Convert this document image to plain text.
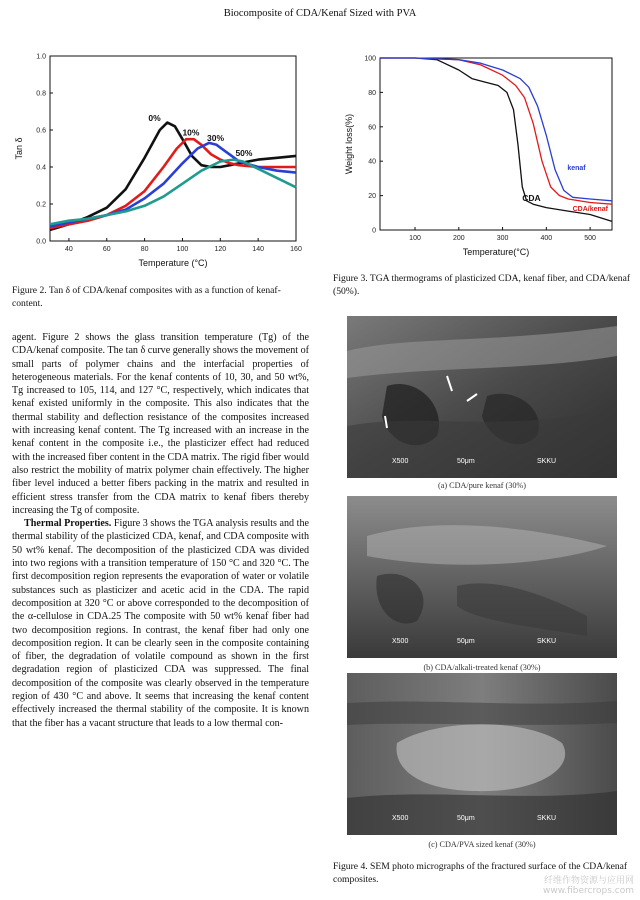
Biocomposite of CDA/Kenaf Sized with PVA
40	60	80	100	120	140	160
0.0
0.2
0.4
0.6
0.8
1.0
Temperature (°C)
Tan δ
0%
10%
30%
50%
Figure 2. Tan δ of CDA/kenaf composites with as a function of kenaf-content.
100	200	300	400	500
0
20
40
60
80
100
Temperature(°C)
Weight loss(%)	kenaf
CDA
CDA/kenaf
Figure 3. TGA thermograms of plasticized CDA, kenaf fiber, and CDA/kenaf (50%).

agent. Figure 2 shows the glass transition temperature (Tg) of the CDA/kenaf composite. The tan δ curve generally shows the movement of small parts of polymer chains and the interfacial properties of heterogeneous materials. For the kenaf contents of 10, 30, and 50 wt%, Tg increased to 105, 114, and 127 °C, respectively, which indicates that kenaf existed uniformly in the composite. This also indicates that the thermal stability and deflection resistance of the composites increased with increasing kenaf content. The Tg increased with an increase in the kenaf content in the composite i.e., the plasticizer effect had reduced with the increased fiber content in the CDA matrix. The rigid fiber would also restrict the mobility of matrix polymer chain effectively. The higher fiber level induced a better fibers packing in the matrix and resulted in efficient stress transfer from the CDA matrix to kenaf fibers thereby increasing the Tg of composite.

Thermal Properties. Figure 3 shows the TGA analysis results and the thermal stability of the plasticized CDA, kenaf, and CDA composite with 50 wt% kenaf. The decomposition of the plasticized CDA was divided into two regions with a transition temperature of 150 °C and 320 °C. The first decomposition region represents the evaporation of water or volatile substances such as plasticizer and acetic acid in the CDA. The rapid decomposition at 320 °C or above corresponded to the decomposition of the α-cellulose in CDA.25 The composite with 50 wt% kenaf fiber had two decomposition regions. In contrast, the kenaf fiber had only one decomposition region. It can be clearly seen in the composite containing of fiber, the degradation of volatile compound as shown in the first degradation region of plasticized CDA was suppressed. The final decomposition of the composite was clearly observed in the temperature region of 430 °C and above. It seems that increasing the kenaf content effectively increased the thermal stability of the composite. It is known that the fiber has a vacant structure that leads to a low thermal con-

X500	50μm	SKKU
(a) CDA/pure kenaf (30%)
X500	50μm	SKKU
(b) CDA/alkali-treated kenaf (30%)
X500	50μm	SKKU
(c) CDA/PVA sized kenaf (30%)
Figure 4. SEM photo micrographs of the fractured surface of the CDA/kenaf composites.	纤维作物资源与应用网
www.fibercrops.com
